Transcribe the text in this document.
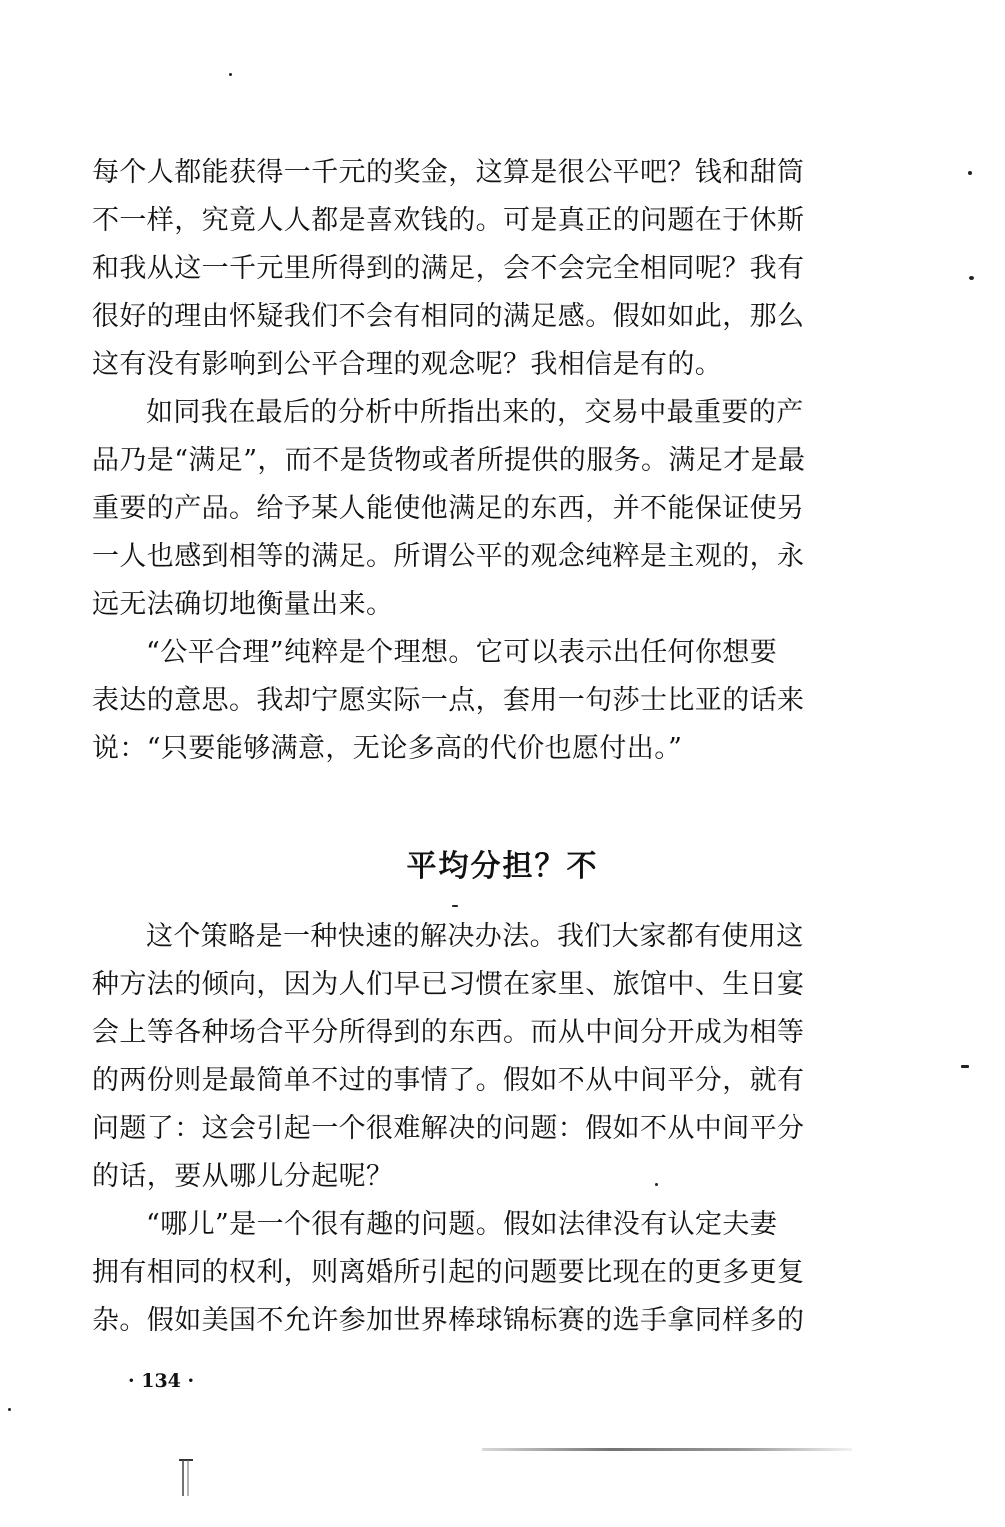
每个人都能获得一千元的奖金，这算是很公平吧？钱和甜筒
不一样，究竟人人都是喜欢钱的。可是真正的问题在于休斯
和我从这一千元里所得到的满足，会不会完全相同呢？我有
很好的理由怀疑我们不会有相同的满足感。假如如此，那么
这有没有影响到公平合理的观念呢？我相信是有的。
如同我在最后的分析中所指出来的，交易中最重要的产
品乃是“满足”，而不是货物或者所提供的服务。满足才是最
重要的产品。给予某人能使他满足的东西，并不能保证使另
一人也感到相等的满足。所谓公平的观念纯粹是主观的，永
远无法确切地衡量出来。
“公平合理”纯粹是个理想。它可以表示出任何你想要
表达的意思。我却宁愿实际一点，套用一句莎士比亚的话来
说：“只要能够满意，无论多高的代价也愿付出。”
平均分担？不
这个策略是一种快速的解决办法。我们大家都有使用这
种方法的倾向，因为人们早已习惯在家里、旅馆中、生日宴
会上等各种场合平分所得到的东西。而从中间分开成为相等
的两份则是最简单不过的事情了。假如不从中间平分，就有
问题了：这会引起一个很难解决的问题：假如不从中间平分
的话，要从哪儿分起呢？
“哪儿”是一个很有趣的问题。假如法律没有认定夫妻
拥有相同的权利，则离婚所引起的问题要比现在的更多更复
杂。假如美国不允许参加世界棒球锦标赛的选手拿同样多的
· 134 ·
